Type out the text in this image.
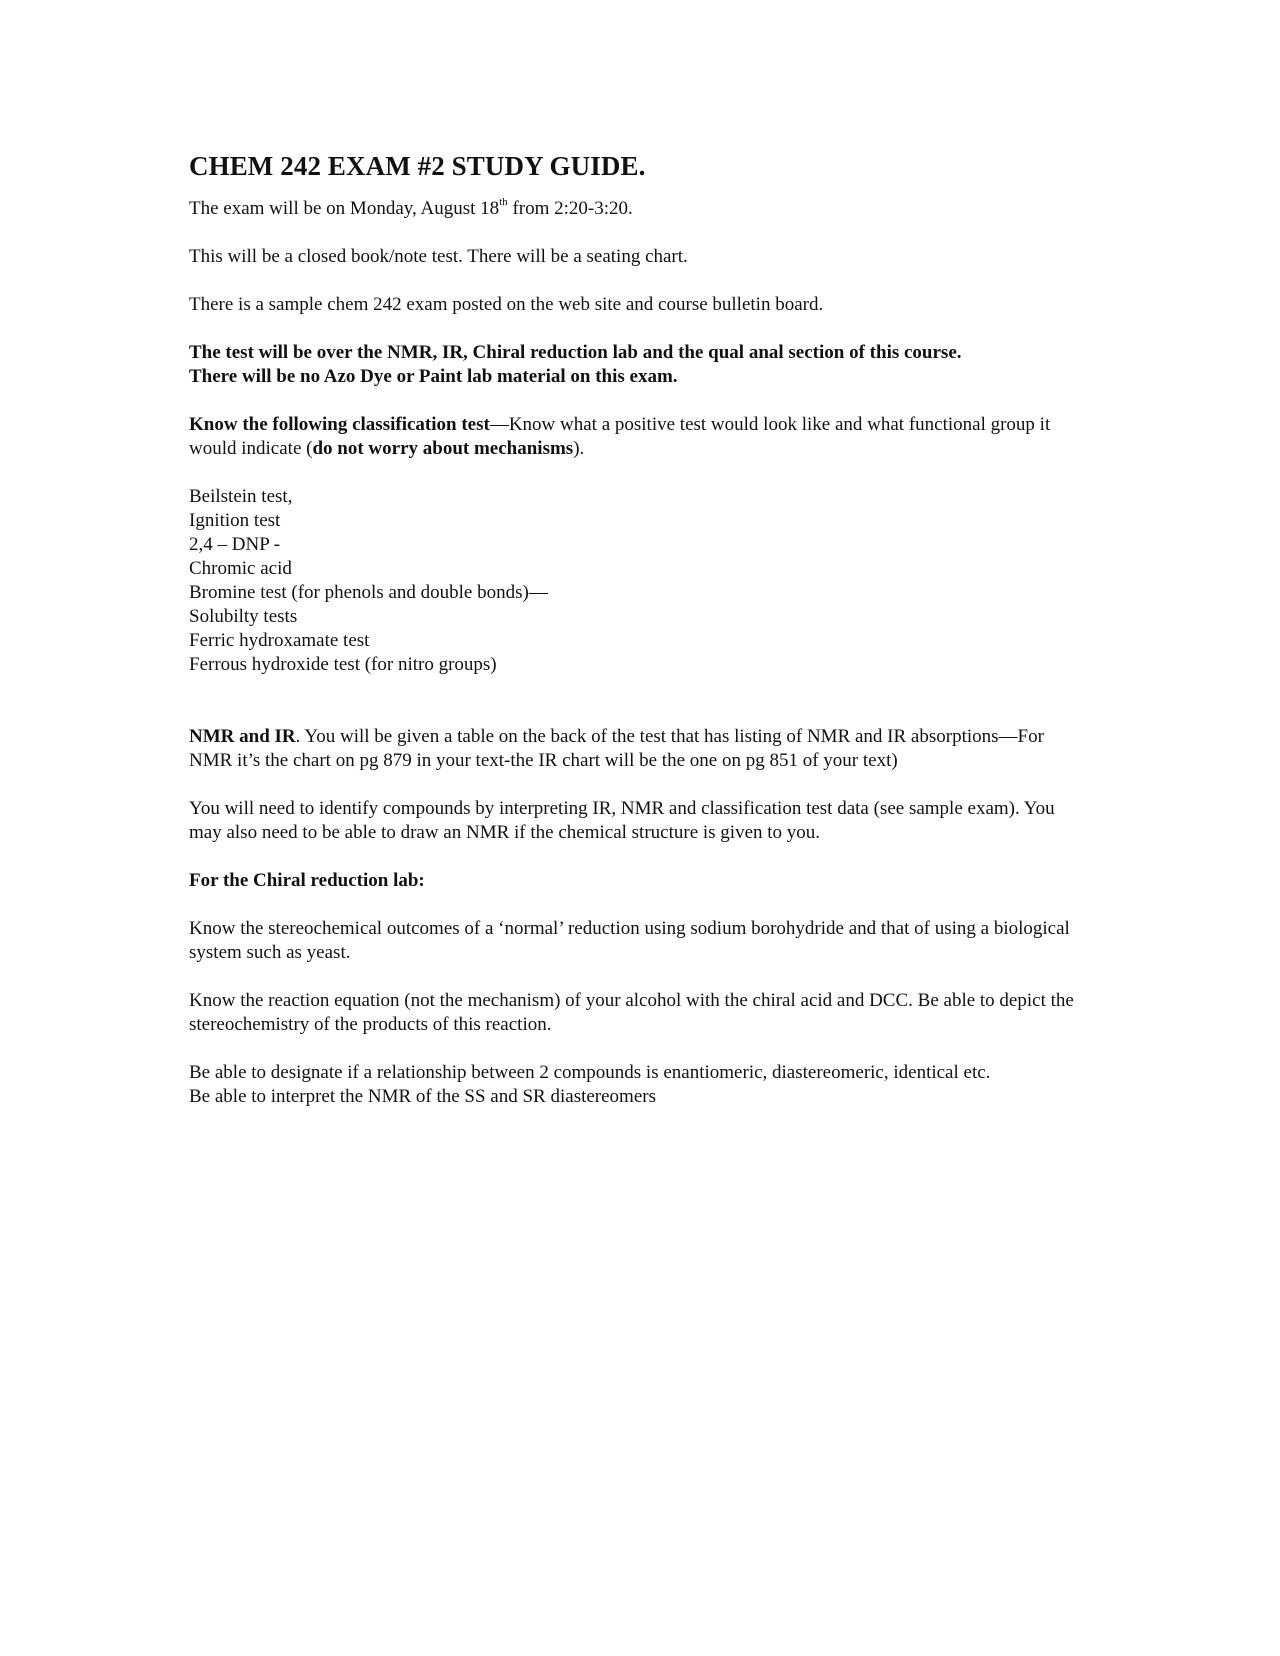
CHEM 242 EXAM #2 STUDY GUIDE.

The exam will be on Monday, August 18th from 2:20-3:20.

This will be a closed book/note test. There will be a seating chart.

There is a sample chem 242 exam posted on the web site and course bulletin board.

The test will be over the NMR, IR, Chiral reduction lab and the qual anal section of this course.

There will be no Azo Dye or Paint lab material on this exam.

Know the following classification test—Know what a positive test would look like and what functional group it would indicate (do not worry about mechanisms).

Beilstein test,

Ignition test

2,4 – DNP -

Chromic acid

Bromine test (for phenols and double bonds)—

Solubilty tests

Ferric hydroxamate test

Ferrous hydroxide test (for nitro groups)

NMR and IR. You will be given a table on the back of the test that has listing of NMR and IR absorptions—For NMR it’s the chart on pg 879 in your text-the IR chart will be the one on pg 851 of your text)

You will need to identify compounds by interpreting IR, NMR and classification test data (see sample exam). You may also need to be able to draw an NMR if the chemical structure is given to you.

For the Chiral reduction lab:

Know the stereochemical outcomes of a ‘normal’ reduction using sodium borohydride and that of using a biological system such as yeast.

Know the reaction equation (not the mechanism) of your alcohol with the chiral acid and DCC. Be able to depict the stereochemistry of the products of this reaction.

Be able to designate if a relationship between 2 compounds is enantiomeric, diastereomeric, identical etc.

Be able to interpret the NMR of the SS and SR diastereomers
